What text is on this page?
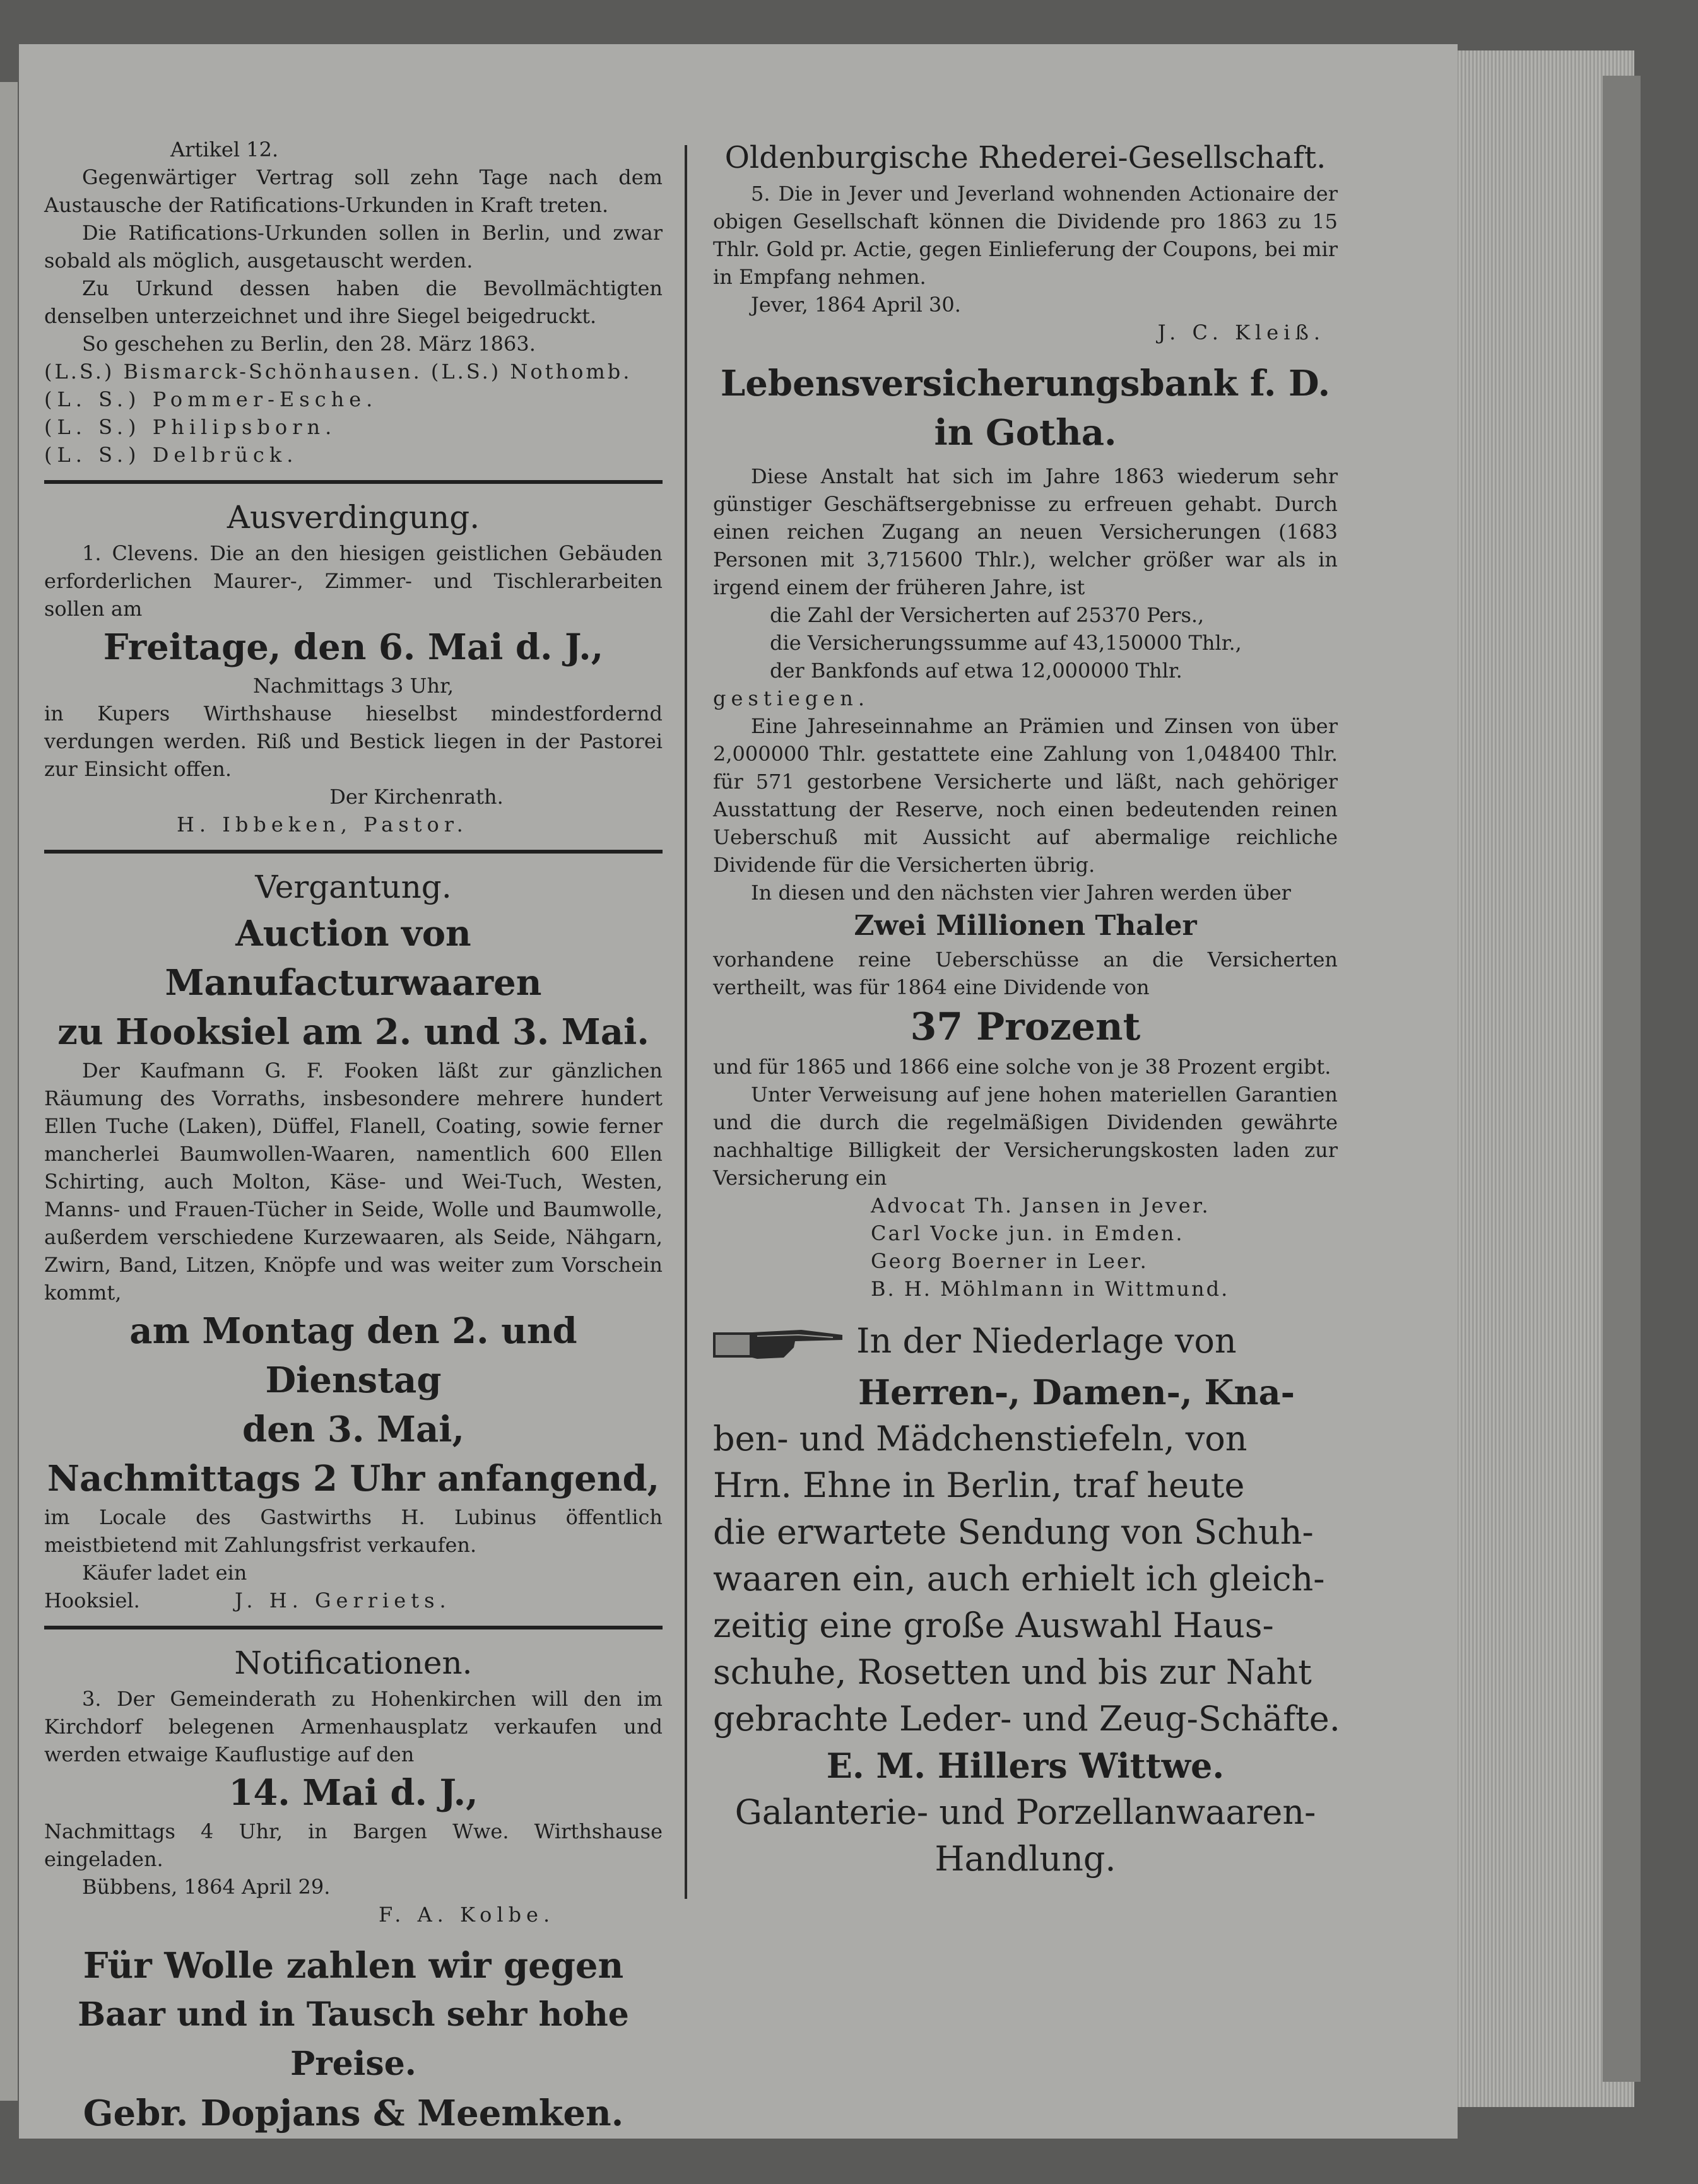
Artikel 12.

Gegenwärtiger Vertrag soll zehn Tage nach dem Austausche der Ratifications-Urkunden in Kraft treten.

Die Ratifications-Urkunden sollen in Berlin, und zwar sobald als möglich, ausgetauscht werden.

Zu Urkund dessen haben die Bevollmächtigten denselben unterzeichnet und ihre Siegel beigedruckt.

So geschehen zu Berlin, den 28. März 1863.

(L.S.) Bismarck-Schönhausen. (L.S.) Nothomb.

(L. S.) Pommer-Esche.

(L. S.) Philipsborn.

(L. S.) Delbrück.

Ausverdingung.

1. Clevens. Die an den hiesigen geistlichen Gebäuden erforderlichen Maurer-, Zimmer- und Tischlerarbeiten sollen am

Freitage, den 6. Mai d. J.,

Nachmittags 3 Uhr,

in Kupers Wirthshause hieselbst mindestfordernd verdungen werden. Riß und Bestick liegen in der Pastorei zur Einsicht offen.

Der Kirchenrath.

H. Ibbeken, Pastor.

Vergantung.

Auction von Manufacturwaaren

zu Hooksiel am 2. und 3. Mai.

Der Kaufmann G. F. Fooken läßt zur gänzlichen Räumung des Vorraths, insbesondere mehrere hundert Ellen Tuche (Laken), Düffel, Flanell, Coating, sowie ferner mancherlei Baumwollen-Waaren, namentlich 600 Ellen Schirting, auch Molton, Käse- und Wei-Tuch, Westen, Manns- und Frauen-Tücher in Seide, Wolle und Baumwolle, außerdem verschiedene Kurzewaaren, als Seide, Nähgarn, Zwirn, Band, Litzen, Knöpfe und was weiter zum Vorschein kommt,

am Montag den 2. und Dienstag

den 3. Mai,

Nachmittags 2 Uhr anfangend,

im Locale des Gastwirths H. Lubinus öffentlich meistbietend mit Zahlungsfrist verkaufen.

Käufer ladet ein

Hooksiel.	J. H. Gerriets.

Notificationen.

3. Der Gemeinderath zu Hohenkirchen will den im Kirchdorf belegenen Armenhausplatz verkaufen und werden etwaige Kauflustige auf den

14. Mai d. J.,

Nachmittags 4 Uhr, in Bargen Wwe. Wirthshause eingeladen.

Bübbens, 1864 April 29.

F. A. Kolbe.

Für Wolle zahlen wir gegen

Baar und in Tausch sehr hohe Preise.

Gebr. Dopjans & Meemken.

Oldenburgische Rhederei-Gesellschaft.

5. Die in Jever und Jeverland wohnenden Actionaire der obigen Gesellschaft können die Dividende pro 1863 zu 15 Thlr. Gold pr. Actie, gegen Einlieferung der Coupons, bei mir in Empfang nehmen.

Jever, 1864 April 30.

J. C. Kleiß.

Lebensversicherungsbank f. D.

in Gotha.

Diese Anstalt hat sich im Jahre 1863 wiederum sehr günstiger Geschäftsergebnisse zu erfreuen gehabt. Durch einen reichen Zugang an neuen Versicherungen (1683 Personen mit 3,715600 Thlr.), welcher größer war als in irgend einem der früheren Jahre, ist

die Zahl der Versicherten auf 25370 Pers.,

die Versicherungssumme auf 43,150000 Thlr.,

der Bankfonds auf etwa 12,000000 Thlr.

gestiegen.

Eine Jahreseinnahme an Prämien und Zinsen von über 2,000000 Thlr. gestattete eine Zahlung von 1,048400 Thlr. für 571 gestorbene Versicherte und läßt, nach gehöriger Ausstattung der Reserve, noch einen bedeutenden reinen Ueberschuß mit Aussicht auf abermalige reichliche Dividende für die Versicherten übrig.

In diesen und den nächsten vier Jahren werden über

Zwei Millionen Thaler

vorhandene reine Ueberschüsse an die Versicherten vertheilt, was für 1864 eine Dividende von

37 Prozent

und für 1865 und 1866 eine solche von je 38 Prozent ergibt.

Unter Verweisung auf jene hohen materiellen Garantien und die durch die regelmäßigen Dividenden gewährte nachhaltige Billigkeit der Versicherungskosten laden zur Versicherung ein

Advocat Th. Jansen in Jever.

Carl Vocke jun. in Emden.

Georg Boerner in Leer.

B. H. Möhlmann in Wittmund.

In der Niederlage von

Herren-, Damen-, Kna-

ben- und Mädchenstiefeln, von

Hrn. Ehne in Berlin, traf heute

die erwartete Sendung von Schuh-

waaren ein, auch erhielt ich gleich-

zeitig eine große Auswahl Haus-

schuhe, Rosetten und bis zur Naht

gebrachte Leder- und Zeug-Schäfte.

E. M. Hillers Wittwe.

Galanterie- und Porzellanwaaren-

Handlung.
